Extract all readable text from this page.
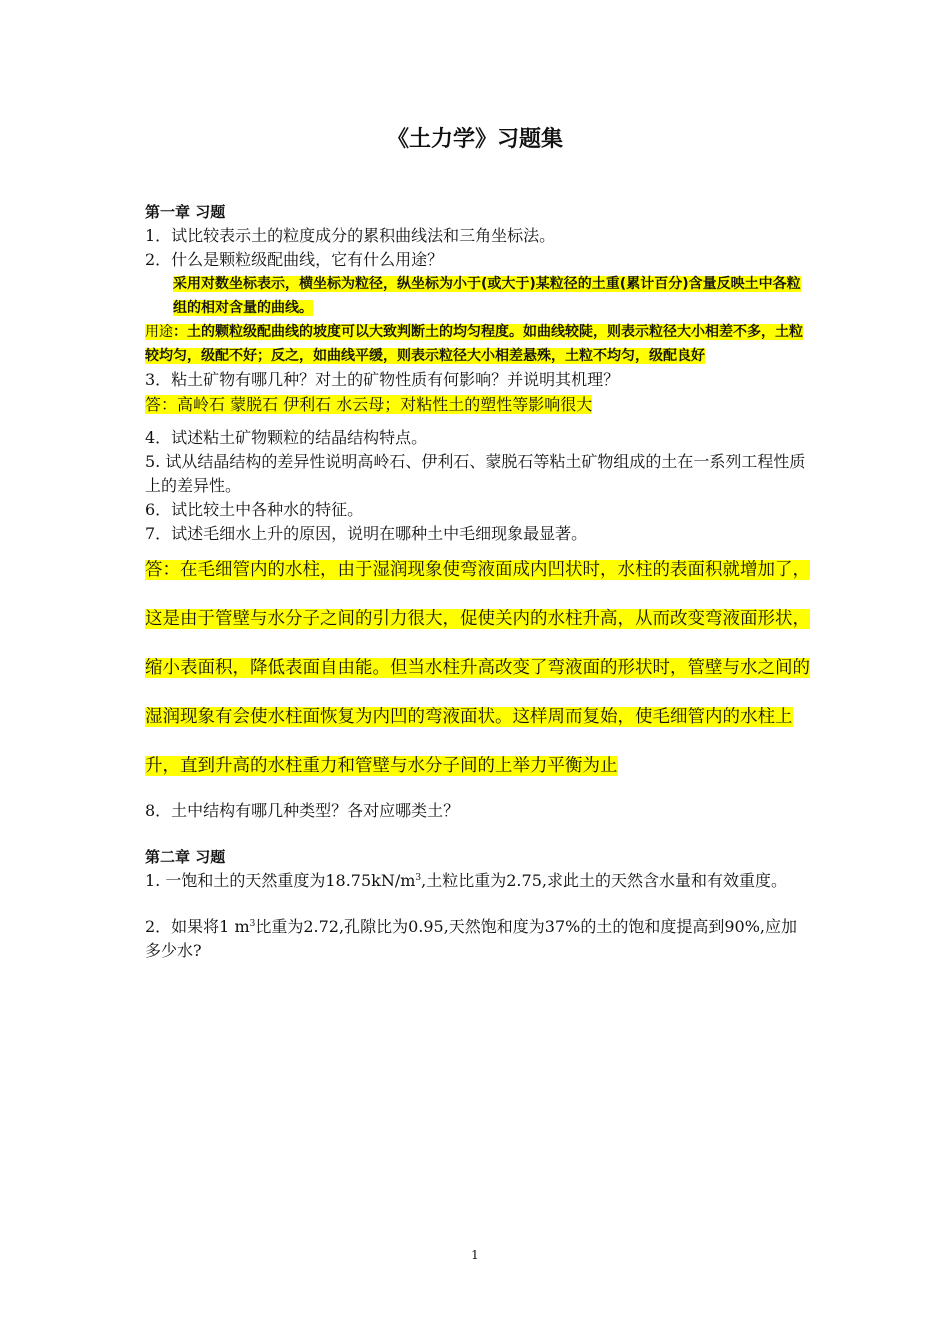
《土力学》习题集

第一章 习题

1．试比较表示土的粒度成分的累积曲线法和三角坐标法。

2．什么是颗粒级配曲线，它有什么用途？

采用对数坐标表示，横坐标为粒径，纵坐标为小于(或大于)某粒径的土重(累计百分)含量反映土中各粒组的相对含量的曲线。

用途：土的颗粒级配曲线的坡度可以大致判断土的均匀程度。如曲线较陡，则表示粒径大小相差不多，土粒较均匀，级配不好；反之，如曲线平缓，则表示粒径大小相差悬殊，土粒不均匀，级配良好

3．粘土矿物有哪几种？对土的矿物性质有何影响？并说明其机理？

答：高岭石 蒙脱石 伊利石 水云母；对粘性土的塑性等影响很大

4．试述粘土矿物颗粒的结晶结构特点。

5. 试从结晶结构的差异性说明高岭石、伊利石、蒙脱石等粘土矿物组成的土在一系列工程性质上的差异性。

6．试比较土中各种水的特征。

7．试述毛细水上升的原因，说明在哪种土中毛细现象最显著。

答：在毛细管内的水柱，由于湿润现象使弯液面成内凹状时，水柱的表面积就增加了，这是由于管壁与水分子之间的引力很大，促使关内的水柱升高，从而改变弯液面形状，缩小表面积，降低表面自由能。但当水柱升高改变了弯液面的形状时，管壁与水之间的湿润现象有会使水柱面恢复为内凹的弯液面状。这样周而复始，使毛细管内的水柱上升，直到升高的水柱重力和管壁与水分子间的上举力平衡为止

8．土中结构有哪几种类型？各对应哪类土？

第二章 习题

1. 一饱和土的天然重度为$18.75kN/m^3$,土粒比重为2.75,求此土的天然含水量和有效重度。

2．如果将1 $m^3$比重为2.72,孔隙比为0.95,天然饱和度为37%的土的饱和度提高到90%,应加多少水?

1
